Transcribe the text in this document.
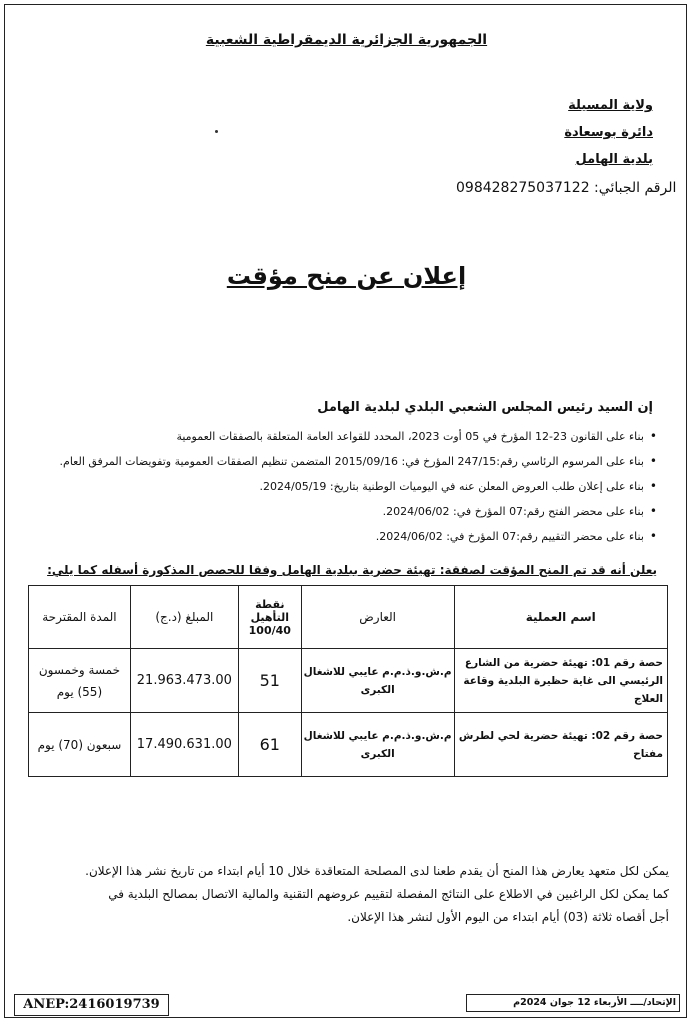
الجمهورية الجزائرية الديمقراطية الشعبية
ولاية المسيلة
دائرة بوسعادة
بلدية الهامل
الرقم الجبائي: 098428275037122
إعلان عن منح مؤقت
إن السيد رئيس المجلس الشعبي البلدي لبلدية الهامل
• بناء على القانون 23-12 المؤرخ في 05 أوت 2023، المحدد للقواعد العامة المتعلقة بالصفقات العمومية
• بناء على المرسوم الرئاسي رقم:247/15 المؤرخ في: 2015/09/16 المتضمن تنظيم الصفقات العمومية وتفويضات المرفق العام.
• بناء على إعلان طلب العروض المعلن عنه في اليوميات الوطنية بتاريخ: 2024/05/19.
• بناء على محضر الفتح رقم:07 المؤرخ في: 2024/06/02.
• بناء على محضر التقييم رقم:07 المؤرخ في: 2024/06/02.
يعلن أنه قد تم المنح المؤقت لصفقة: تهيئة حضرية ببلدية الهامل وفقا للحصص المذكورة أسفله كما يلي:
اسم العملية	العارض	نقطة التأهيل 100/40	المبلغ (د.ج)	المدة المقترحة
حصة رقم 01: تهيئة حضرية من الشارع الرئيسي الى غاية حظيرة البلدية وقاعة العلاج	م.ش.و.ذ.م.م عايبي للاشغال الكبرى	51	21.963.473.00	خمسة وخمسون (55) يوم
حصة رقم 02: تهيئة حضرية لحي لطرش مفتاح	م.ش.و.ذ.م.م عايبي للاشغال الكبرى	61	17.490.631.00	سبعون (70) يوم
يمكن لكل متعهد يعارض هذا المنح أن يقدم طعنا لدى المصلحة المتعاقدة خلال 10 أيام ابتداء من تاريخ نشر هذا الإعلان.
كما يمكن لكل الراغبين في الاطلاع على النتائج المفصلة لتقييم عروضهم التقنية والمالية الاتصال بمصالح البلدية في
أجل أقصاه ثلاثة (03) أيام ابتداء من اليوم الأول لنشر هذا الإعلان.
ANEP:2416019739	الإتحاد/ــــ الأربعاء 12 جوان 2024م
